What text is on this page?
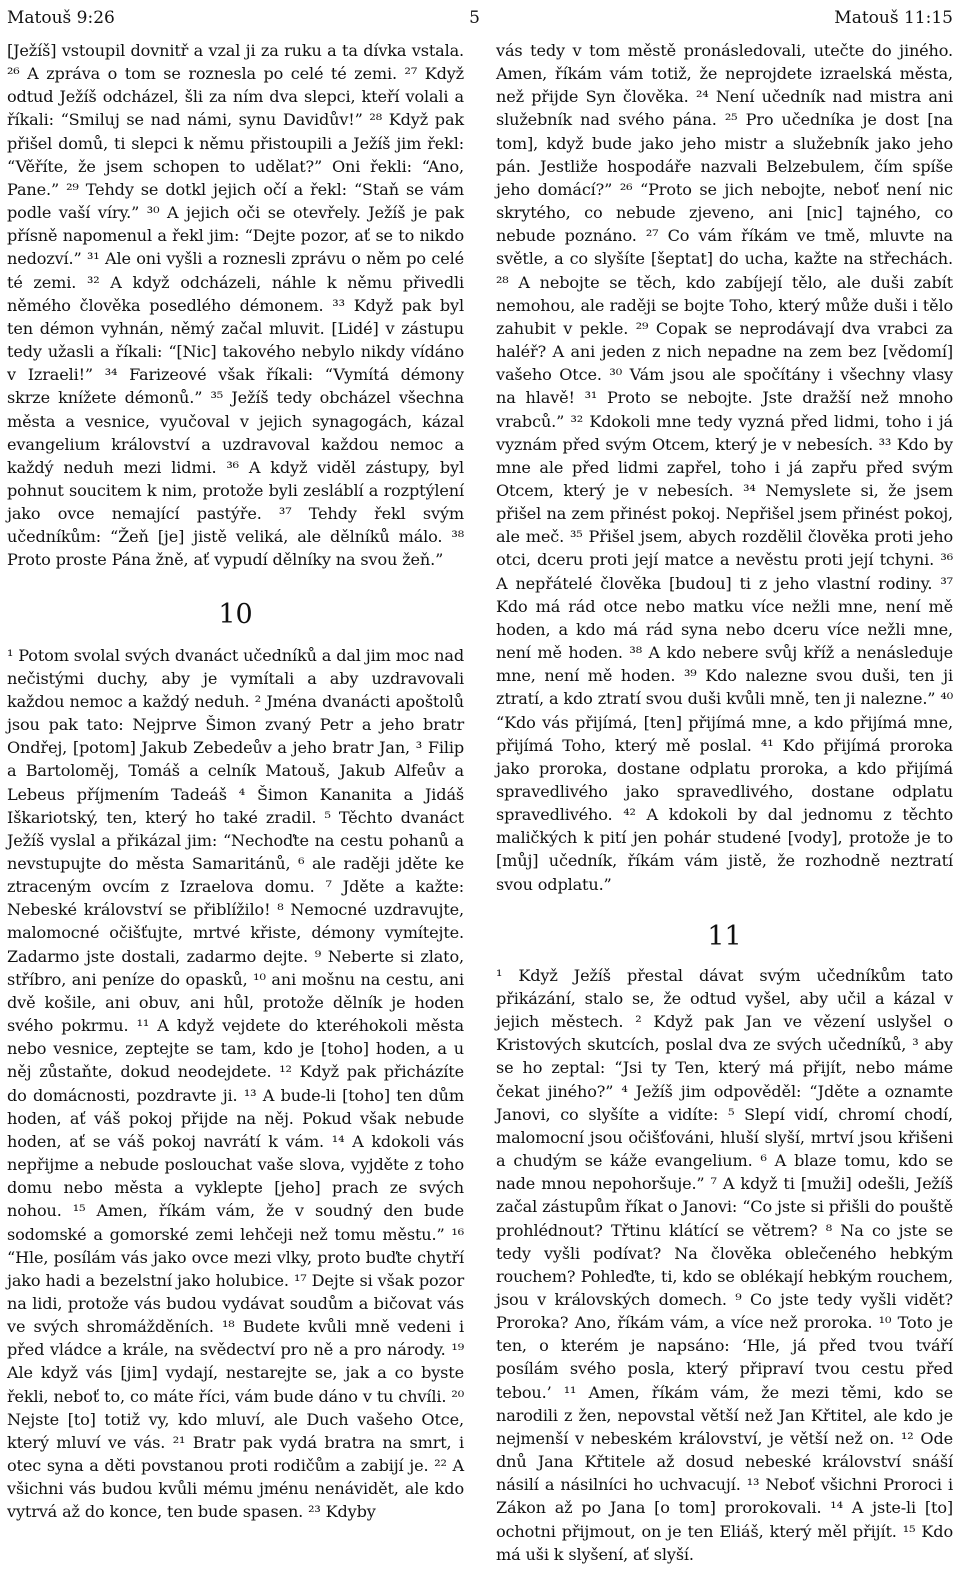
Matouš 9:26	5	Matouš 11:15

[Ježíš] vstoupil dovnitř a vzal ji za ruku a ta dívka vstala. ²⁶ A zpráva o tom se roznesla po celé té zemi. ²⁷ Když odtud Ježíš odcházel, šli za ním dva slepci, kteří volali a říkali: “Smiluj se nad námi, synu Davidův!” ²⁸ Když pak přišel domů, ti slepci k němu přistoupili a Ježíš jim řekl: “Věříte, že jsem schopen to udělat?” Oni řekli: “Ano, Pane.” ²⁹ Tehdy se dotkl jejich očí a řekl: “Staň se vám podle vaší víry.” ³⁰ A jejich oči se otevřely. Ježíš je pak přísně napomenul a řekl jim: “Dejte pozor, ať se to nikdo nedozví.” ³¹ Ale oni vyšli a roznesli zprávu o něm po celé té zemi. ³² A když odcházeli, náhle k němu přivedli němého člověka posedlého démonem. ³³ Když pak byl ten démon vyhnán, němý začal mluvit. [Lidé] v zástupu tedy užasli a říkali: “[Nic] takového nebylo nikdy vídáno v Izraeli!” ³⁴ Farizeové však říkali: “Vymítá démony skrze knížete démonů.” ³⁵ Ježíš tedy obcházel všechna města a vesnice, vyučoval v jejich synagogách, kázal evangelium království a uzdravoval každou nemoc a každý neduh mezi lidmi. ³⁶ A když viděl zástupy, byl pohnut soucitem k nim, protože byli zesláblí a rozptýlení jako ovce nemající pastýře. ³⁷ Tehdy řekl svým učedníkům: “Žeň [je] jistě veliká, ale dělníků málo. ³⁸ Proto proste Pána žně, ať vypudí dělníky na svou žeň.”

10

¹ Potom svolal svých dvanáct učedníků a dal jim moc nad nečistými duchy, aby je vymítali a aby uzdravovali každou nemoc a každý neduh. ² Jména dvanácti apoštolů jsou pak tato: Nejprve Šimon zvaný Petr a jeho bratr Ondřej, [potom] Jakub Zebedeův a jeho bratr Jan, ³ Filip a Bartoloměj, Tomáš a celník Matouš, Jakub Alfeův a Lebeus příjmením Tadeáš ⁴ Šimon Kananita a Jidáš Iškariotský, ten, který ho také zradil. ⁵ Těchto dvanáct Ježíš vyslal a přikázal jim: “Nechoďte na cestu pohanů a nevstupujte do města Samaritánů, ⁶ ale raději jděte ke ztraceným ovcím z Izraelova domu. ⁷ Jděte a kažte: Nebeské království se přiblížilo! ⁸ Nemocné uzdravujte, malomocné očišťujte, mrtvé křiste, démony vymítejte. Zadarmo jste dostali, zadarmo dejte. ⁹ Neberte si zlato, stříbro, ani peníze do opasků, ¹⁰ ani mošnu na cestu, ani dvě košile, ani obuv, ani hůl, protože dělník je hoden svého pokrmu. ¹¹ A když vejdete do kteréhokoli města nebo vesnice, zeptejte se tam, kdo je [toho] hoden, a u něj zůstaňte, dokud neodejdete. ¹² Když pak přicházíte do domácnosti, pozdravte ji. ¹³ A bude-li [toho] ten dům hoden, ať váš pokoj přijde na něj. Pokud však nebude hoden, ať se váš pokoj navrátí k vám. ¹⁴ A kdokoli vás nepřijme a nebude poslouchat vaše slova, vyjděte z toho domu nebo města a vyklepte [jeho] prach ze svých nohou. ¹⁵ Amen, říkám vám, že v soudný den bude sodomské a gomorské zemi lehčeji než tomu městu.” ¹⁶ “Hle, posílám vás jako ovce mezi vlky, proto buďte chytří jako hadi a bezelstní jako holubice. ¹⁷ Dejte si však pozor na lidi, protože vás budou vydávat soudům a bičovat vás ve svých shromážděních. ¹⁸ Budete kvůli mně vedeni i před vládce a krále, na svědectví pro ně a pro národy. ¹⁹ Ale když vás [jim] vydají, nestarejte se, jak a co byste řekli, neboť to, co máte říci, vám bude dáno v tu chvíli. ²⁰ Nejste [to] totiž vy, kdo mluví, ale Duch vašeho Otce, který mluví ve vás. ²¹ Bratr pak vydá bratra na smrt, i otec syna a děti povstanou proti rodičům a zabijí je. ²² A všichni vás budou kvůli mému jménu nenávidět, ale kdo vytrvá až do konce, ten bude spasen. ²³ Kdyby

vás tedy v tom městě pronásledovali, utečte do jiného. Amen, říkám vám totiž, že neprojdete izraelská města, než přijde Syn člověka. ²⁴ Není učedník nad mistra ani služebník nad svého pána. ²⁵ Pro učedníka je dost [na tom], když bude jako jeho mistr a služebník jako jeho pán. Jestliže hospodáře nazvali Belzebulem, čím spíše jeho domácí?” ²⁶ “Proto se jich nebojte, neboť není nic skrytého, co nebude zjeveno, ani [nic] tajného, co nebude poznáno. ²⁷ Co vám říkám ve tmě, mluvte na světle, a co slyšíte [šeptat] do ucha, kažte na střechách. ²⁸ A nebojte se těch, kdo zabíjejí tělo, ale duši zabít nemohou, ale raději se bojte Toho, který může duši i tělo zahubit v pekle. ²⁹ Copak se neprodávají dva vrabci za haléř? A ani jeden z nich nepadne na zem bez [vědomí] vašeho Otce. ³⁰ Vám jsou ale spočítány i všechny vlasy na hlavě! ³¹ Proto se nebojte. Jste dražší než mnoho vrabců.” ³² Kdokoli mne tedy vyzná před lidmi, toho i já vyznám před svým Otcem, který je v nebesích. ³³ Kdo by mne ale před lidmi zapřel, toho i já zapřu před svým Otcem, který je v nebesích. ³⁴ Nemyslete si, že jsem přišel na zem přinést pokoj. Nepřišel jsem přinést pokoj, ale meč. ³⁵ Přišel jsem, abych rozdělil člověka proti jeho otci, dceru proti její matce a nevěstu proti její tchyni. ³⁶ A nepřátelé člověka [budou] ti z jeho vlastní rodiny. ³⁷ Kdo má rád otce nebo matku více nežli mne, není mě hoden, a kdo má rád syna nebo dceru více nežli mne, není mě hoden. ³⁸ A kdo nebere svůj kříž a nenásleduje mne, není mě hoden. ³⁹ Kdo nalezne svou duši, ten ji ztratí, a kdo ztratí svou duši kvůli mně, ten ji nalezne.” ⁴⁰ “Kdo vás přijímá, [ten] přijímá mne, a kdo přijímá mne, přijímá Toho, který mě poslal. ⁴¹ Kdo přijímá proroka jako proroka, dostane odplatu proroka, a kdo přijímá spravedlivého jako spravedlivého, dostane odplatu spravedlivého. ⁴² A kdokoli by dal jednomu z těchto maličkých k pití jen pohár studené [vody], protože je to [můj] učedník, říkám vám jistě, že rozhodně neztratí svou odplatu.”

11

¹ Když Ježíš přestal dávat svým učedníkům tato přikázání, stalo se, že odtud vyšel, aby učil a kázal v jejich městech. ² Když pak Jan ve vězení uslyšel o Kristových skutcích, poslal dva ze svých učedníků, ³ aby se ho zeptal: “Jsi ty Ten, který má přijít, nebo máme čekat jiného?” ⁴ Ježíš jim odpověděl: “Jděte a oznamte Janovi, co slyšíte a vidíte: ⁵ Slepí vidí, chromí chodí, malomocní jsou očišťováni, hluší slyší, mrtví jsou křišeni a chudým se káže evangelium. ⁶ A blaze tomu, kdo se nade mnou nepohoršuje.” ⁷ A když ti [muži] odešli, Ježíš začal zástupům říkat o Janovi: “Co jste si přišli do pouště prohlédnout? Třtinu klátící se větrem? ⁸ Na co jste se tedy vyšli podívat? Na člověka oblečeného hebkým rouchem? Pohleďte, ti, kdo se oblékají hebkým rouchem, jsou v královských domech. ⁹ Co jste tedy vyšli vidět? Proroka? Ano, říkám vám, a více než proroka. ¹⁰ Toto je ten, o kterém je napsáno: ‘Hle, já před tvou tváří posílám svého posla, který připraví tvou cestu před tebou.’ ¹¹ Amen, říkám vám, že mezi těmi, kdo se narodili z žen, nepovstal větší než Jan Křtitel, ale kdo je nejmenší v nebeském království, je větší než on. ¹² Ode dnů Jana Křtitele až dosud nebeské království snáší násilí a násilníci ho uchvacují. ¹³ Neboť všichni Proroci i Zákon až po Jana [o tom] prorokovali. ¹⁴ A jste-li [to] ochotni přijmout, on je ten Eliáš, který měl přijít. ¹⁵ Kdo má uši k slyšení, ať slyší.
